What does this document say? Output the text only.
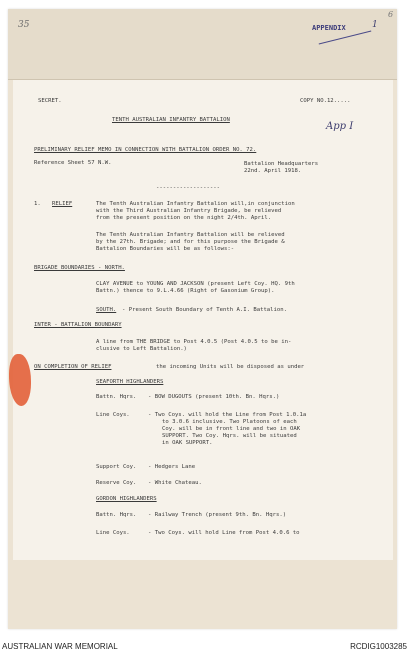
35	APPENDIX	1
6
SECRET.	COPY NO.12.....
TENTH AUSTRALIAN INFANTRY BATTALION
App I
PRELIMINARY RELIEF MEMO IN CONNECTION WITH BATTALION ORDER NO. 72.
Reference Sheet 57 N.W.	Battalion Headquarters
22nd. April 1918.
-------------------
1. RELIEF	The Tenth Australian Infantry Battalion will,in conjunction
with the Third Australian Infantry Brigade, be relieved
from the present position on the night 2/4th. April.
The Tenth Australian Infantry Battalion will be relieved
by the 27th. Brigade; and for this purpose the Brigade &
Battalion Boundaries will be as follows:-
BRIGADE BOUNDARIES - NORTH.
CLAY AVENUE to YOUNG AND JACKSON (present Left Coy. HQ. 9th
Battn.) thence to 9.L.4.66 (Right of Gasonium Group).
SOUTH. - Present South Boundary of Tenth A.I. Battalion.
INTER - BATTALION BOUNDARY
A line from THE BRIDGE to Post 4.0.5 (Post 4.0.5 to be in-
clusive to Left Battalion.)
ON COMPLETION OF RELIEF	the incoming Units will be disposed as under
SEAFORTH HIGHLANDERS
Battn. Hqrs. - BOW DUGOUTS (present 10th. Bn. Hqrs.)
Line Coys.	- Two Coys. will hold the Line from Post 1.0.1a
to 3.0.6 inclusive. Two Platoons of each
Coy. will be in front line and two in OAK
SUPPORT. Two Coy. Hqrs. will be situated
in OAK SUPPORT.
Support Coy. - Hedgers Lane
Reserve Coy. - White Chateau.
GORDON HIGHLANDERS
Battn. Hqrs. - Railway Trench (present 9th. Bn. Hqrs.)
Line Coys.	- Two Coys. will hold Line from Post 4.0.6 to
AUSTRALIAN WAR MEMORIAL	RCDIG1003285
